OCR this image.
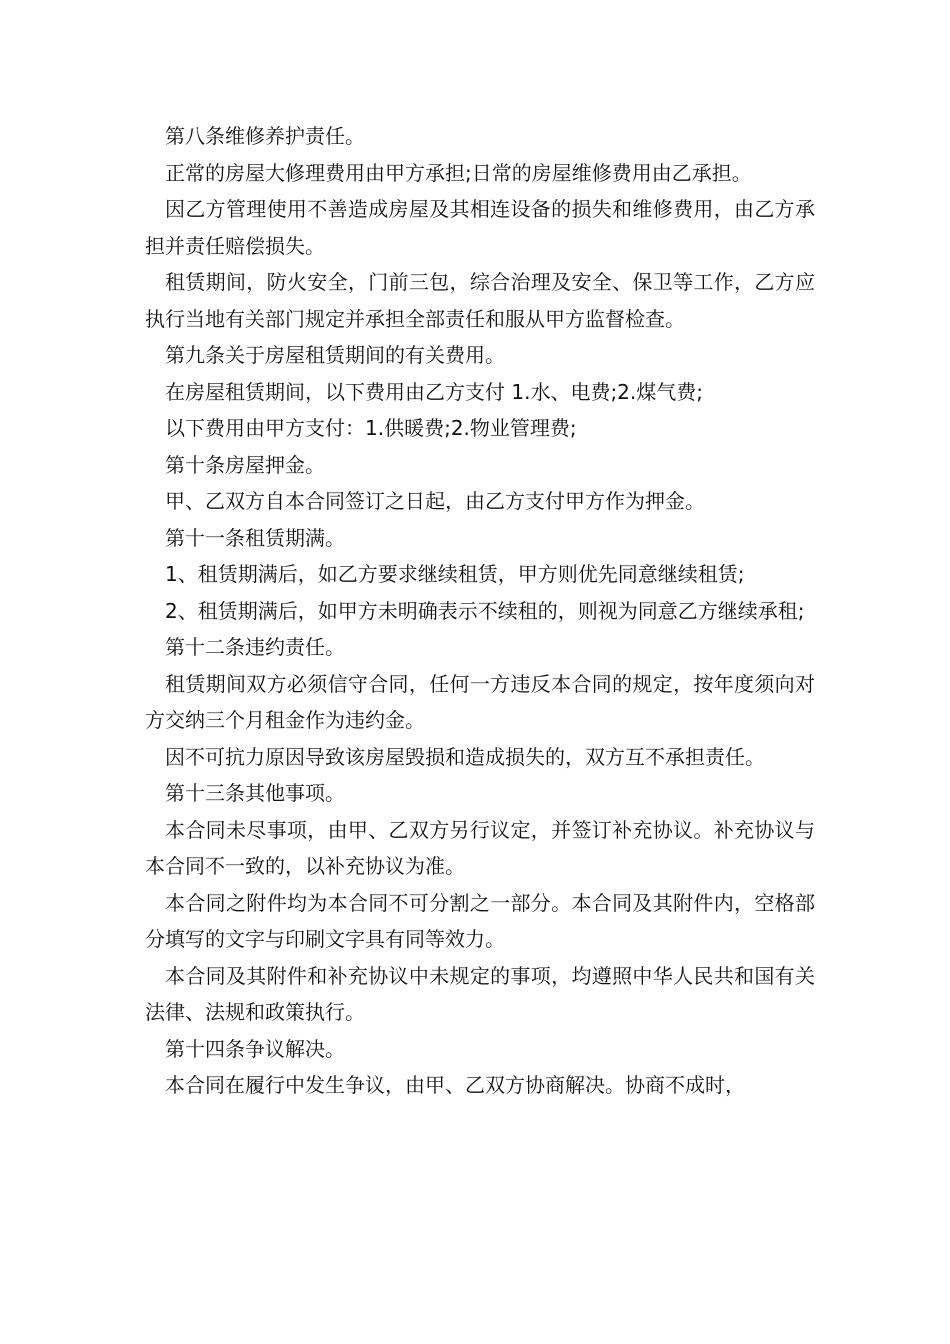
第八条维修养护责任。

正常的房屋大修理费用由甲方承担;日常的房屋维修费用由乙承担。

因乙方管理使用不善造成房屋及其相连设备的损失和维修费用，由乙方承担并责任赔偿损失。

租赁期间，防火安全，门前三包，综合治理及安全、保卫等工作，乙方应执行当地有关部门规定并承担全部责任和服从甲方监督检查。

第九条关于房屋租赁期间的有关费用。

在房屋租赁期间，以下费用由乙方支付 1.水、电费;2.煤气费;

以下费用由甲方支付：1.供暖费;2.物业管理费;

第十条房屋押金。

甲、乙双方自本合同签订之日起，由乙方支付甲方作为押金。

第十一条租赁期满。

1、租赁期满后，如乙方要求继续租赁，甲方则优先同意继续租赁;

2、租赁期满后，如甲方未明确表示不续租的，则视为同意乙方继续承租;

第十二条违约责任。

租赁期间双方必须信守合同，任何一方违反本合同的规定，按年度须向对方交纳三个月租金作为违约金。

因不可抗力原因导致该房屋毁损和造成损失的，双方互不承担责任。

第十三条其他事项。

本合同未尽事项，由甲、乙双方另行议定，并签订补充协议。补充协议与本合同不一致的，以补充协议为准。

本合同之附件均为本合同不可分割之一部分。本合同及其附件内，空格部分填写的文字与印刷文字具有同等效力。

本合同及其附件和补充协议中未规定的事项，均遵照中华人民共和国有关法律、法规和政策执行。

第十四条争议解决。

本合同在履行中发生争议，由甲、乙双方协商解决。协商不成时，
